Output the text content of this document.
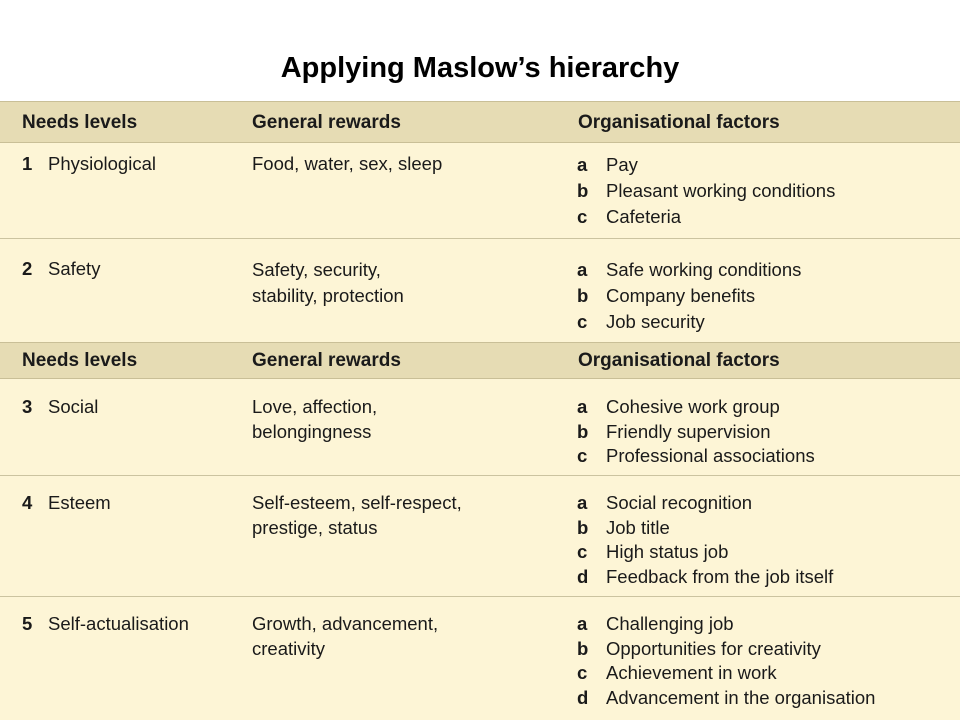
Applying Maslow’s hierarchy
Needs levels	General rewards	Organisational factors
1 Physiological	Food, water, sex, sleep	a Pay
b Pleasant working conditions
c Cafeteria
2 Safety	Safety, security,
stability, protection
a Safe working conditions
b Company benefits
c Job security
Needs levels	General rewards	Organisational factors
3 Social	Love, affection,
belongingness
a Cohesive work group
b Friendly supervision
c Professional associations
4 Esteem	Self-esteem, self-respect,
prestige, status
a Social recognition
b Job title
c High status job
d Feedback from the job itself
5 Self-actualisation	Growth, advancement,
creativity
a Challenging job
b Opportunities for creativity
c Achievement in work
d Advancement in the organisation
